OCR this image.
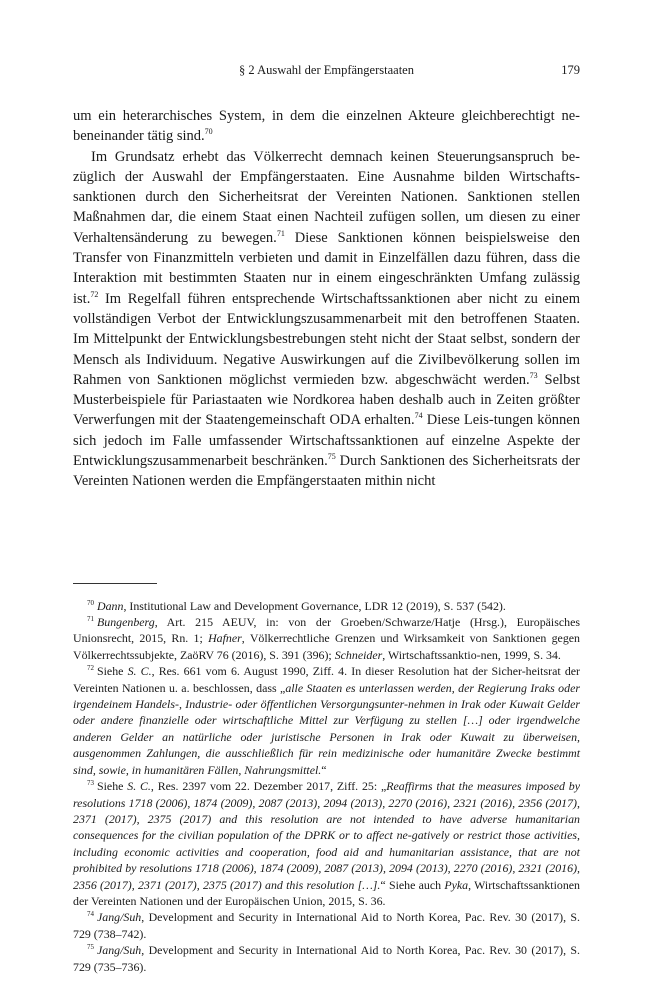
§ 2 Auswahl der Empfängerstaaten	179

um ein heterarchisches System, in dem die einzelnen Akteure gleichberechtigt ne-beneinander tätig sind.$^{70}$

Im Grundsatz erhebt das Völkerrecht demnach keinen Steuerungsanspruch be-züglich der Auswahl der Empfängerstaaten. Eine Ausnahme bilden Wirtschafts-sanktionen durch den Sicherheitsrat der Vereinten Nationen. Sanktionen stellen Maßnahmen dar, die einem Staat einen Nachteil zufügen sollen, um diesen zu einer Verhaltensänderung zu bewegen.$^{71}$ Diese Sanktionen können beispielsweise den Transfer von Finanzmitteln verbieten und damit in Einzelfällen dazu führen, dass die Interaktion mit bestimmten Staaten nur in einem eingeschränkten Umfang zulässig ist.$^{72}$ Im Regelfall führen entsprechende Wirtschaftssanktionen aber nicht zu einem vollständigen Verbot der Entwicklungszusammenarbeit mit den betroffenen Staaten. Im Mittelpunkt der Entwicklungsbestrebungen steht nicht der Staat selbst, sondern der Mensch als Individuum. Negative Auswirkungen auf die Zivilbevölkerung sollen im Rahmen von Sanktionen möglichst vermieden bzw. abgeschwächt werden.$^{73}$ Selbst Musterbeispiele für Pariastaaten wie Nordkorea haben deshalb auch in Zeiten größter Verwerfungen mit der Staatengemeinschaft ODA erhalten.$^{74}$ Diese Leis-tungen können sich jedoch im Falle umfassender Wirtschaftssanktionen auf einzelne Aspekte der Entwicklungszusammenarbeit beschränken.$^{75}$ Durch Sanktionen des Sicherheitsrats der Vereinten Nationen werden die Empfängerstaaten mithin nicht

$^{70}$ Dann, Institutional Law and Development Governance, LDR 12 (2019), S. 537 (542).

$^{71}$ Bungenberg, Art. 215 AEUV, in: von der Groeben/Schwarze/Hatje (Hrsg.), Europäisches Unionsrecht, 2015, Rn. 1; Hafner, Völkerrechtliche Grenzen und Wirksamkeit von Sanktionen gegen Völkerrechtssubjekte, ZaöRV 76 (2016), S. 391 (396); Schneider, Wirtschaftssanktio-nen, 1999, S. 34.

$^{72}$ Siehe S. C., Res. 661 vom 6. August 1990, Ziff. 4. In dieser Resolution hat der Sicher-heitsrat der Vereinten Nationen u. a. beschlossen, dass „alle Staaten es unterlassen werden, der Regierung Iraks oder irgendeinem Handels-, Industrie- oder öffentlichen Versorgungsunter-nehmen in Irak oder Kuwait Gelder oder andere finanzielle oder wirtschaftliche Mittel zur Verfügung zu stellen […] oder irgendwelche anderen Gelder an natürliche oder juristische Personen in Irak oder Kuwait zu überweisen, ausgenommen Zahlungen, die ausschließlich für rein medizinische oder humanitäre Zwecke bestimmt sind, sowie, in humanitären Fällen, Nahrungsmittel.“

$^{73}$ Siehe S. C., Res. 2397 vom 22. Dezember 2017, Ziff. 25: „Reaffirms that the measures imposed by resolutions 1718 (2006), 1874 (2009), 2087 (2013), 2094 (2013), 2270 (2016), 2321 (2016), 2356 (2017), 2371 (2017), 2375 (2017) and this resolution are not intended to have adverse humanitarian consequences for the civilian population of the DPRK or to affect ne-gatively or restrict those activities, including economic activities and cooperation, food aid and humanitarian assistance, that are not prohibited by resolutions 1718 (2006), 1874 (2009), 2087 (2013), 2094 (2013), 2270 (2016), 2321 (2016), 2356 (2017), 2371 (2017), 2375 (2017) and this resolution […].“ Siehe auch Pyka, Wirtschaftssanktionen der Vereinten Nationen und der Europäischen Union, 2015, S. 36.

$^{74}$ Jang/Suh, Development and Security in International Aid to North Korea, Pac. Rev. 30 (2017), S. 729 (738–742).

$^{75}$ Jang/Suh, Development and Security in International Aid to North Korea, Pac. Rev. 30 (2017), S. 729 (735–736).
